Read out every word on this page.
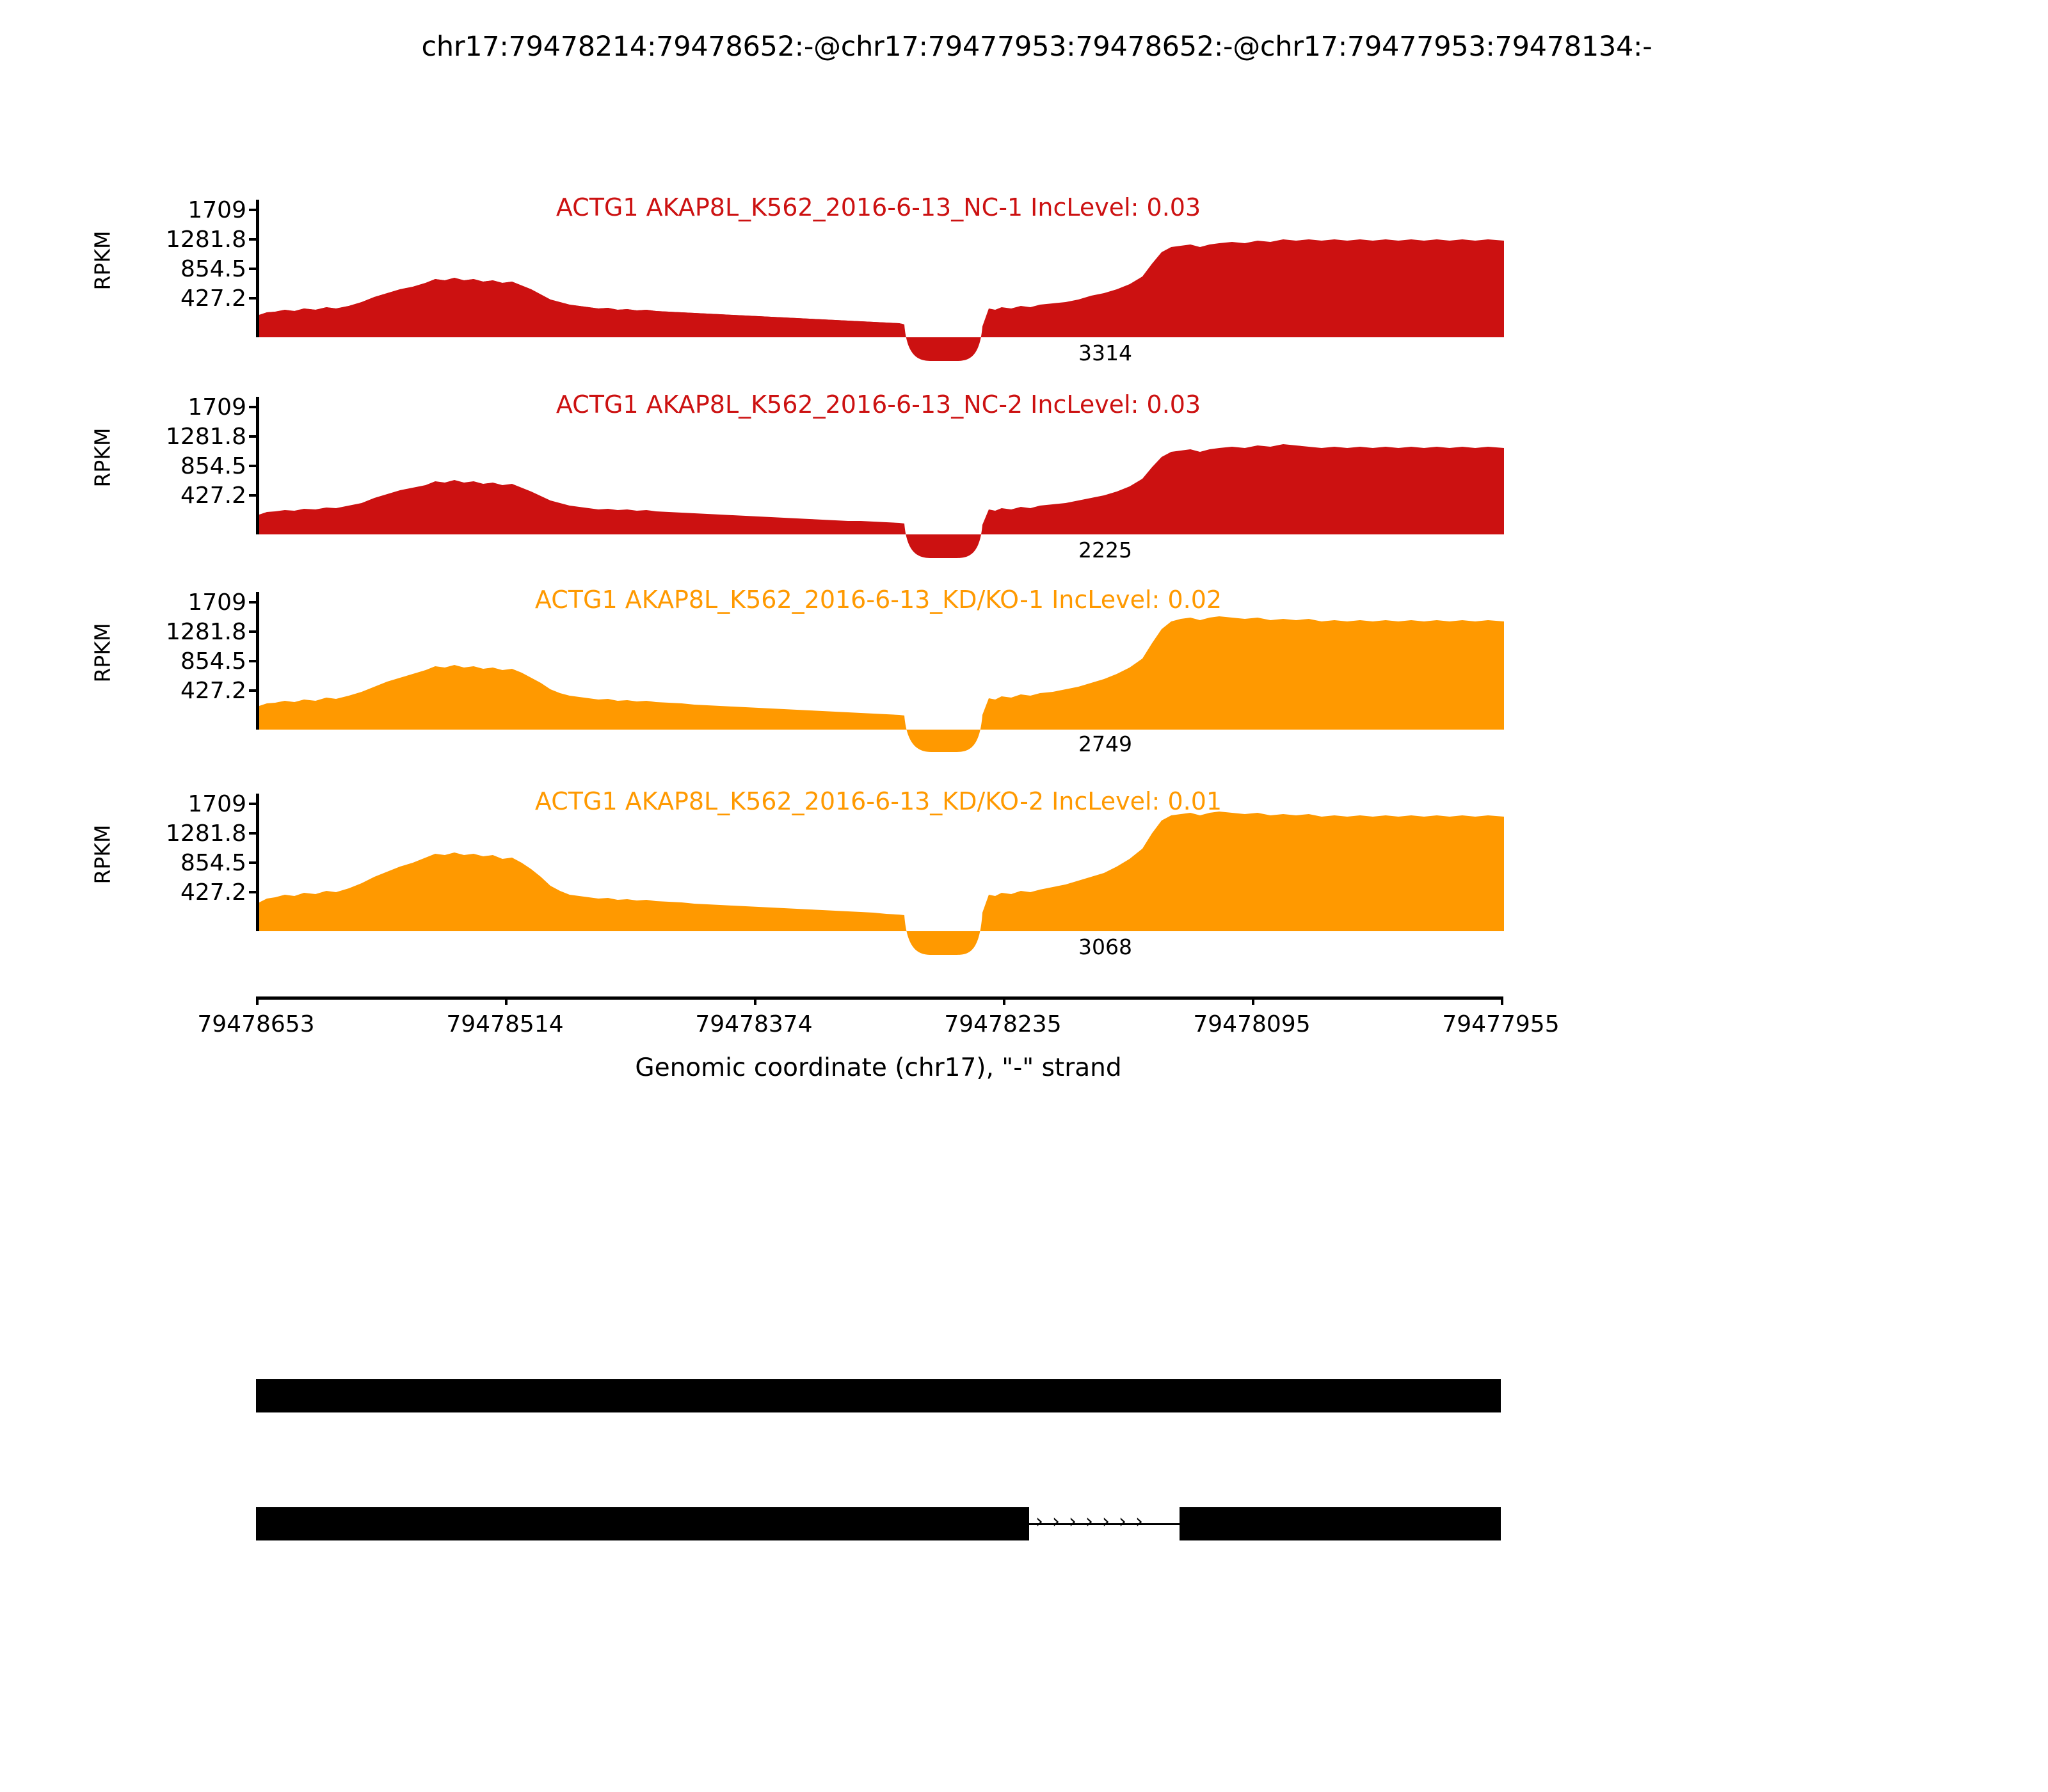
chr17:79478214:79478652:-@chr17:79477953:79478652:-@chr17:79477953:79478134:-
RPKM
1709
1281.8
854.5
427.2
ACTG1 AKAP8L_K562_2016-6-13_NC-1 IncLevel: 0.03
3314
RPKM
1709
1281.8
854.5
427.2
ACTG1 AKAP8L_K562_2016-6-13_NC-2 IncLevel: 0.03
2225
RPKM
1709
1281.8
854.5
427.2
ACTG1 AKAP8L_K562_2016-6-13_KD/KO-1 IncLevel: 0.02
2749
RPKM
1709
1281.8
854.5
427.2
ACTG1 AKAP8L_K562_2016-6-13_KD/KO-2 IncLevel: 0.01
3068
79478653	79478514	79478374	79478235	79478095	79477955
Genomic coordinate (chr17), "-" strand
›››››››
